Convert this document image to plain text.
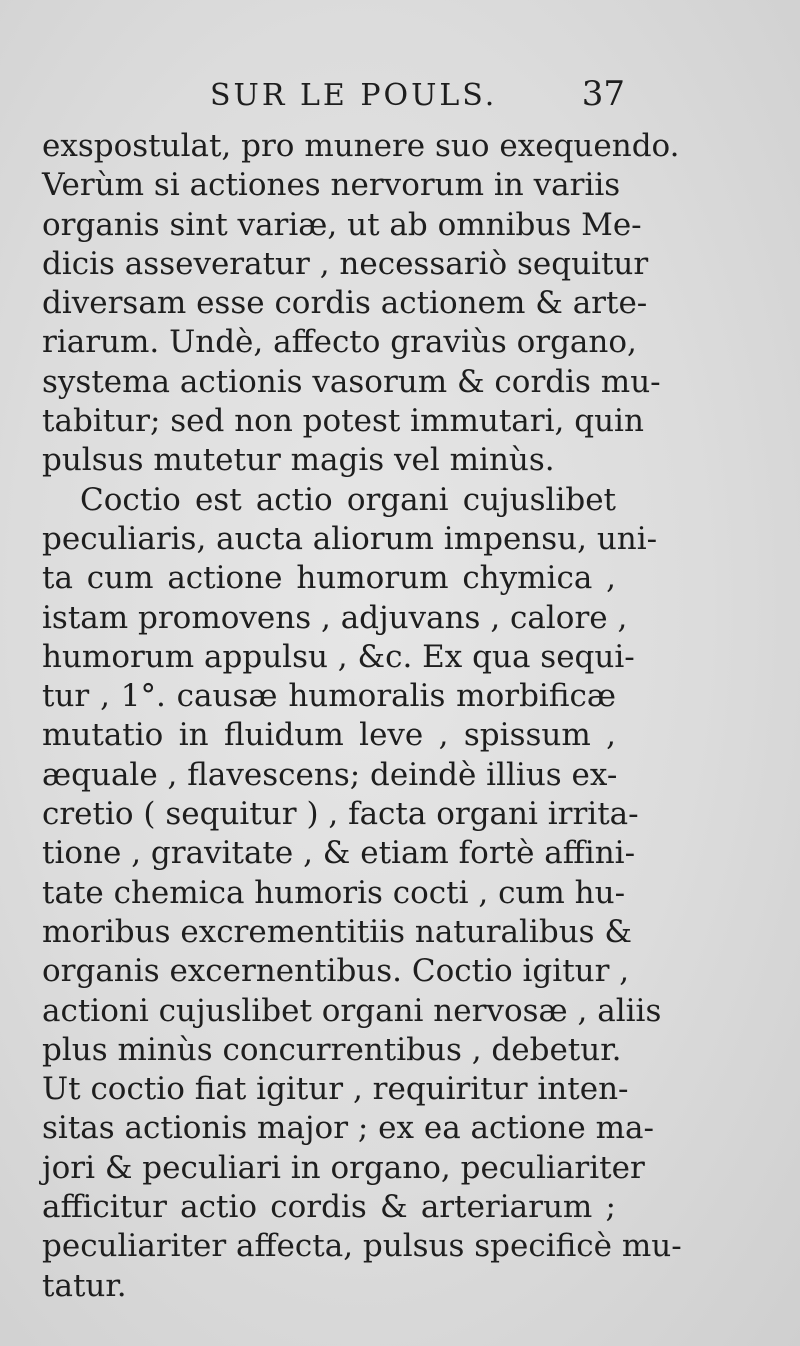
SUR LE POULS. 37
exspostulat, pro munere suo exequendo.
Verùm si actiones nervorum in variis
organis sint variæ, ut ab omnibus Me-
dicis asseveratur , necessariò sequitur
diversam esse cordis actionem & arte-
riarum. Undè, affecto graviùs organo,
systema actionis vasorum & cordis mu-
tabitur; sed non potest immutari, quin
pulsus mutetur magis vel minùs.
Coctio est actio organi cujuslibet
peculiaris, aucta aliorum impensu, uni-
ta cum actione humorum chymica ,
istam promovens , adjuvans , calore ,
humorum appulsu , &c. Ex qua sequi-
tur , 1°. causæ humoralis morbificæ
mutatio in fluidum leve , spissum ,
æquale , flavescens; deindè illius ex-
cretio ( sequitur ) , facta organi irrita-
tione , gravitate , & etiam fortè affini-
tate chemica humoris cocti , cum hu-
moribus excrementitiis naturalibus &
organis excernentibus. Coctio igitur ,
actioni cujuslibet organi nervosæ , aliis
plus minùs concurrentibus , debetur.
Ut coctio fiat igitur , requiritur inten-
sitas actionis major ; ex ea actione ma-
jori & peculiari in organo, peculiariter
afficitur actio cordis & arteriarum ;
peculiariter affecta, pulsus specificè mu-
tatur.
